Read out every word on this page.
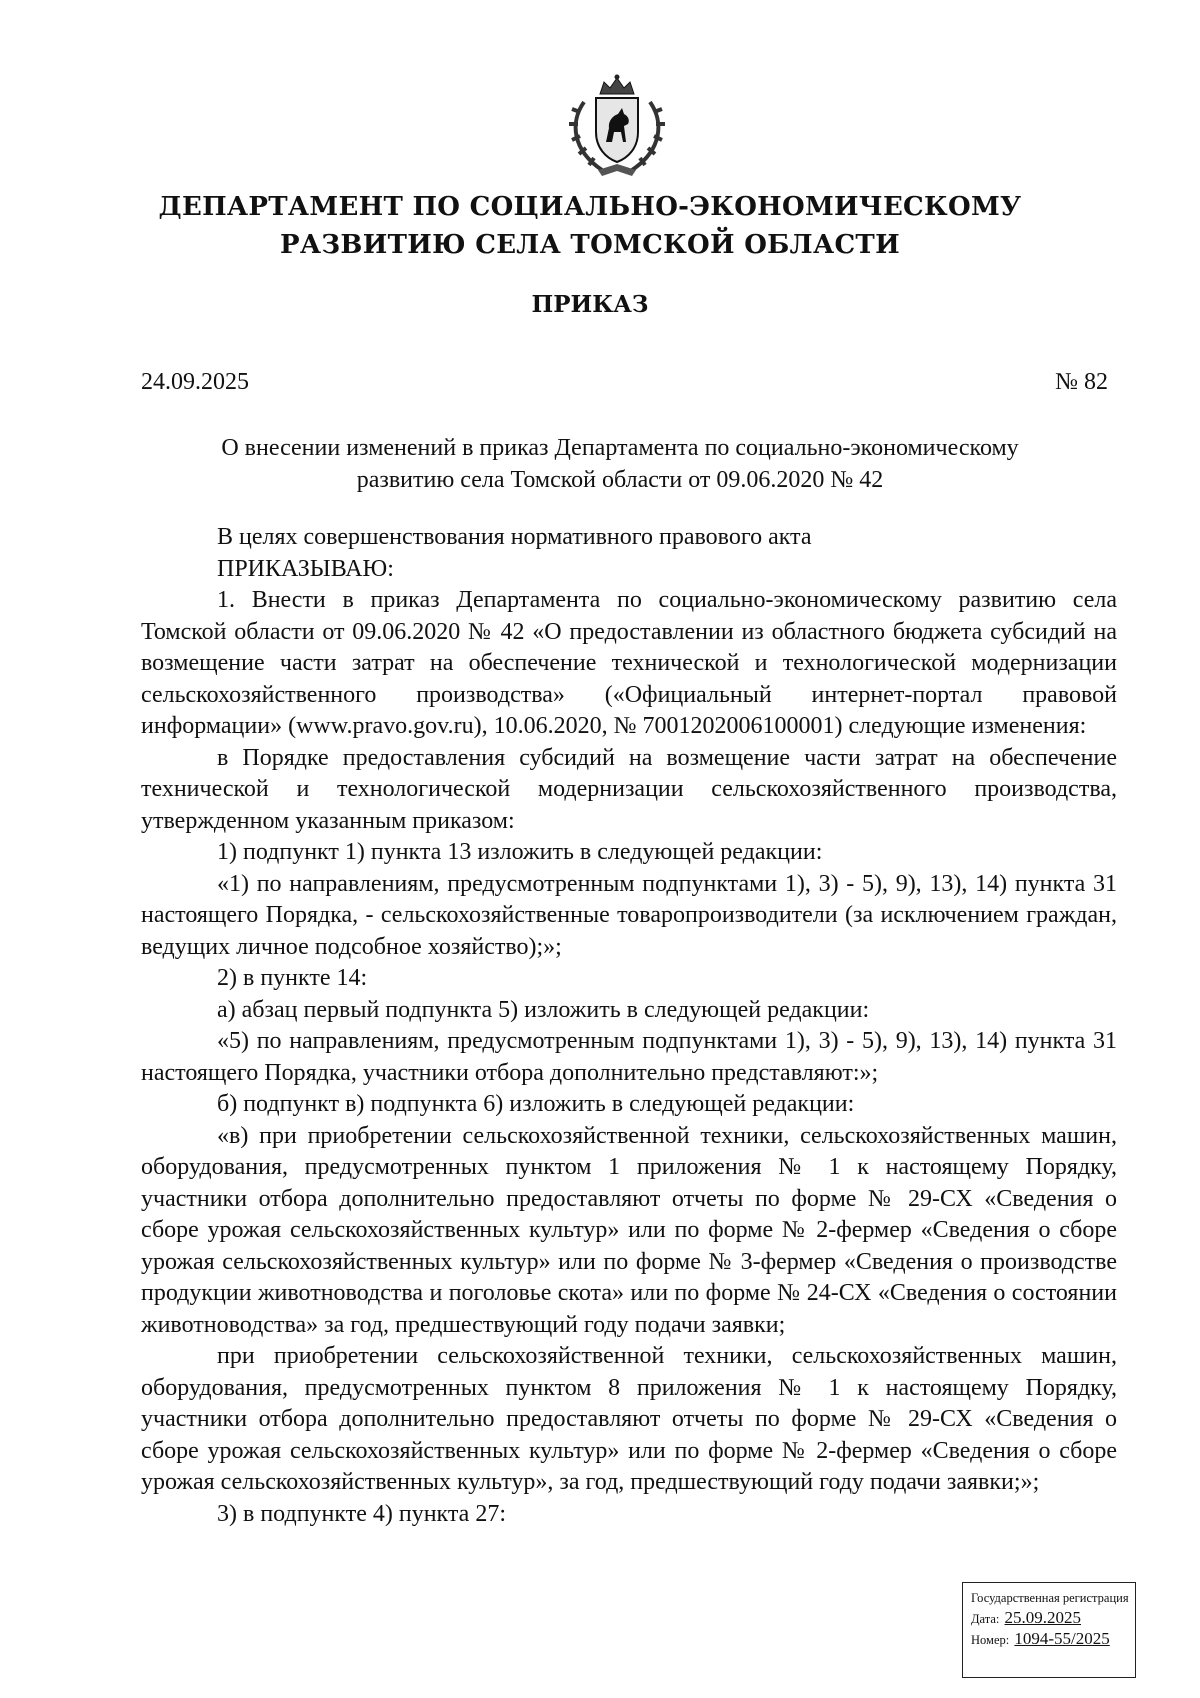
ДЕПАРТАМЕНТ ПО СОЦИАЛЬНО-ЭКОНОМИЧЕСКОМУ
РАЗВИТИЮ СЕЛА ТОМСКОЙ ОБЛАСТИ
ПРИКАЗ
24.09.2025	№ 82
О внесении изменений в приказ Департамента по социально-экономическому
развитию села Томской области от 09.06.2020 № 42

В целях совершенствования нормативного правового акта

ПРИКАЗЫВАЮ:

1. Внести в приказ Департамента по социально-экономическому развитию села Томской области от 09.06.2020 № 42 «О предоставлении из областного бюджета субсидий на возмещение части затрат на обеспечение технической и технологической модернизации сельскохозяйственного производства» («Официальный интернет-портал правовой информации» (www.pravo.gov.ru), 10.06.2020, № 7001202006100001) следующие изменения:

в Порядке предоставления субсидий на возмещение части затрат на обеспечение технической и технологической модернизации сельскохозяйственного производства, утвержденном указанным приказом:

1) подпункт 1) пункта 13 изложить в следующей редакции:

«1) по направлениям, предусмотренным подпунктами 1), 3) - 5), 9), 13), 14) пункта 31 настоящего Порядка, - сельскохозяйственные товаропроизводители (за исключением граждан, ведущих личное подсобное хозяйство);»;

2) в пункте 14:

а) абзац первый подпункта 5) изложить в следующей редакции:

«5) по направлениям, предусмотренным подпунктами 1), 3) - 5), 9), 13), 14) пункта 31 настоящего Порядка, участники отбора дополнительно представляют:»;

б) подпункт в) подпункта 6) изложить в следующей редакции:

«в) при приобретении сельскохозяйственной техники, сельскохозяйственных машин, оборудования, предусмотренных пунктом 1 приложения № 1 к настоящему Порядку, участники отбора дополнительно предоставляют отчеты по форме № 29-СХ «Сведения о сборе урожая сельскохозяйственных культур» или по форме № 2-фермер «Сведения о сборе урожая сельскохозяйственных культур» или по форме № 3-фермер «Сведения о производстве продукции животноводства и поголовье скота» или по форме № 24-СХ «Сведения о состоянии животноводства» за год, предшествующий году подачи заявки;

при приобретении сельскохозяйственной техники, сельскохозяйственных машин, оборудования, предусмотренных пунктом 8 приложения № 1 к настоящему Порядку, участники отбора дополнительно предоставляют отчеты по форме № 29-СХ «Сведения о сборе урожая сельскохозяйственных культур» или по форме № 2-фермер «Сведения о сборе урожая сельскохозяйственных культур», за год, предшествующий году подачи заявки;»;

3) в подпункте 4) пункта 27:

Государственная регистрация
Дата: 25.09.2025
Номер: 1094-55/2025
